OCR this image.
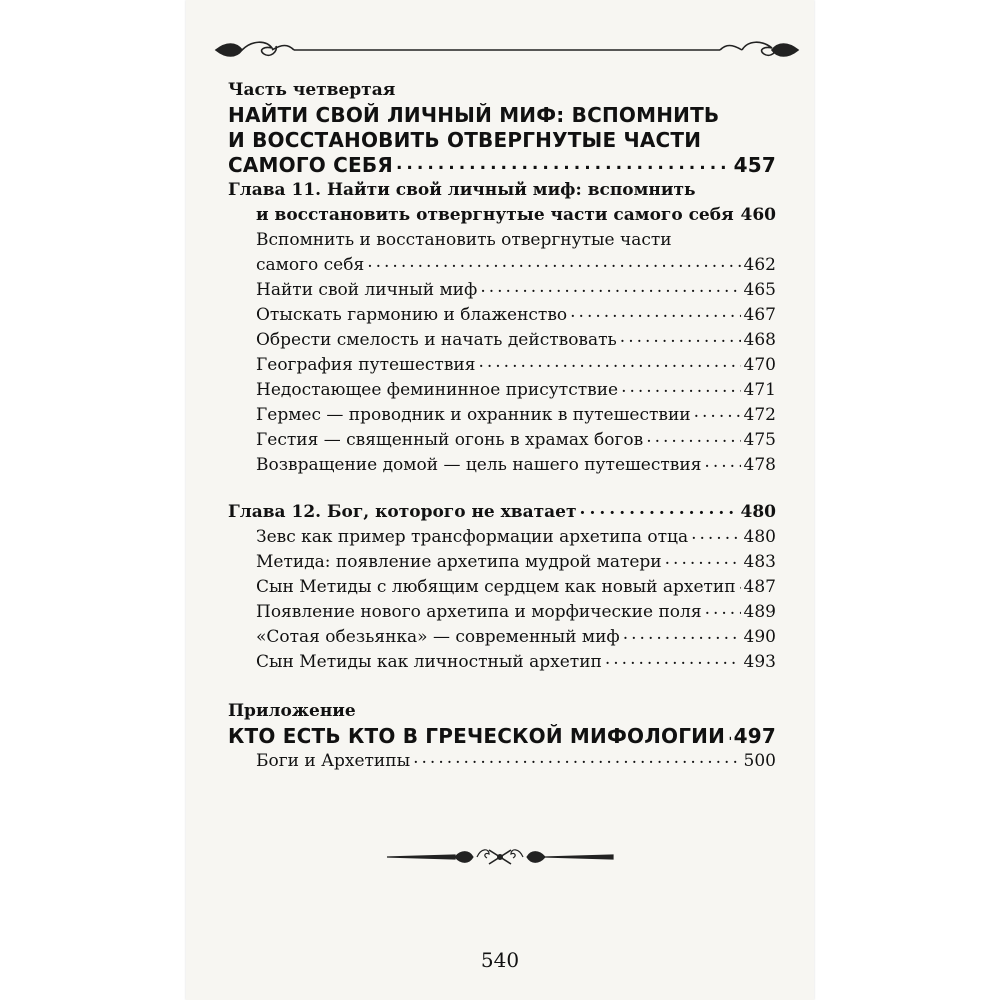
Часть четвертая
НАЙТИ СВОЙ ЛИЧНЫЙ МИФ: ВСПОМНИТЬ
И ВОССТАНОВИТЬ ОТВЕРГНУТЫЕ ЧАСТИ
САМОГО СЕБЯ .....	457
Глава 11. Найти свой личный миф: вспомнить
и восстановить отвергнутые части самого себя ..... 460
Вспомнить и восстановить отвергнутые части
самого себя .....	462
Найти свой личный миф .....	465
Отыскать гармонию и блаженство .....	467
Обрести смелость и начать действовать .....	468
География путешествия .....	470
Недостающее фемининное присутствие .....	471
Гермес — проводник и охранник в путешествии .....	472
Гестия — священный огонь в храмах богов .....	475
Возвращение домой — цель нашего путешествия ..... 478
Глава 12. Бог, которого не хватает .....	480
Зевс как пример трансформации архетипа отца .....	480
Метида: появление архетипа мудрой матери .....	483
Сын Метиды с любящим сердцем как новый архетип ..... 487
Появление нового архетипа и морфические поля ..... 489
«Сотая обезьянка» — современный миф .....	490
Сын Метиды как личностный архетип .....	493
Приложение
КТО ЕСТЬ КТО В ГРЕЧЕСКОЙ МИФОЛОГИИ ..... 497
Боги и Архетипы .....	500
540
